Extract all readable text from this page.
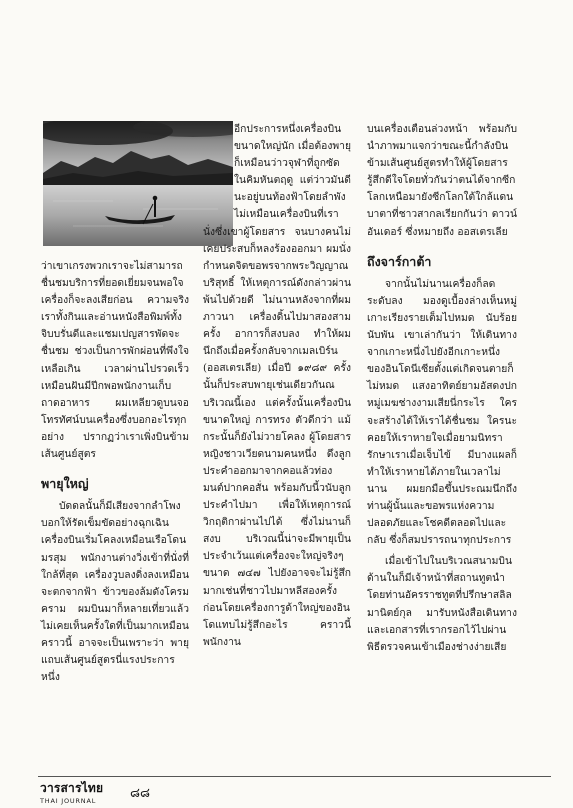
ว่าเขาเกรงพวกเราจะไม่สามารถชื่นชมบริการที่ยอดเยี่ยมจนพอใจเครื่องก็จะลงเสียก่อน ความจริงเราทั้งกินและอ่านหนังสือพิมพ์ทั้งจิบบรั่นดีและแชมเปญสารพัดจะชื่นชม ช่วงเป็นการพักผ่อนที่พึงใจเหลือเกิน เวลาผ่านไปรวดเร็วเหมือนฝันมีปีกพอพนักงานเก็บถาดอาหาร ผมเหลียวดูบนจอโทรทัศน์บนเครื่องซึ่งบอกอะไรทุกอย่าง ปรากฏว่าเราเพิ่งบินข้ามเส้นศูนย์สูตร

พายุใหญ่

บัดดลนั้นก็มีเสียงจากลำโพงบอกให้รัดเข็มขัดอย่างฉุกเฉินเครื่องบินเริ่มโคลงเหมือนเรือโดนมรสุม พนักงานต่างวิ่งเข้าที่นั่งที่ใกล้ที่สุด เครื่องวูบลงดิ่งลงเหมือนจะตกจากฟ้า ข้าวของล้มดังโครมคราม ผมบินมาก็หลายเที่ยวแล้วไม่เคยเห็นครั้งใดที่เป็นมากเหมือนคราวนี้ อาจจะเป็นเพราะว่า พายุแถบเส้นศูนย์สูตรนี่แรงประการหนึ่ง

อีกประการหนึ่งเครื่องบินขนาดใหญ่นัก เมื่อต้องพายุก็เหมือนว่าวจุฬาที่ถูกซัดในคิมหันตฤดู แต่ว่าวมันดีนะอยู่บนท้องฟ้าโดยลำพัง ไม่เหมือนเครื่องบินที่เรา

นั่งซึ่งเขาผู้โดยสาร จนบางคนไม่เคยประสบก็หลงร้องออกมา ผมนั่งกำหนดจิตขอพรจากพระวิญญาณบริสุทธิ์ ให้เหตุการณ์ดังกล่าวผ่านพ้นไปด้วยดี ไม่นานหลังจากที่ผมภาวนา เครื่องดิ้นไปมาสองสามครั้ง อาการก็สงบลง ทำให้ผมนึกถึงเมื่อครั้งกลับจากเมลเบิร์น (ออสเตรเลีย) เมื่อปี ๑๙๘๙ ครั้งนั้นก็ประสบพายุเช่นเดียวกันณ บริเวณนี้เอง แต่ครั้งนั้นเครื่องบินขนาดใหญ่ การทรง ตัวดีกว่า แม้กระนั้นก็ยังไม่วายโคลง ผู้โดยสารหญิงชาวเวียดนามคนหนึ่ง ดึงลูกประคำออกมาจากคอแล้วท่องมนต์ปากคอสั่น พร้อมกับนี้วนับลูกประคำไปมา เพื่อให้เหตุการณ์วิกฤติกาผ่านไปได้ ซึ่งไม่นานก็สงบ บริเวณนี้น่าจะมีพายุเป็นประจำเว้นแต่เครื่องจะใหญ่จริงๆ ขนาด ๗๔๗ ไปยังอาจจะไม่รู้สึกมากเช่นที่ชาวไปมาหลีสองครั้งก่อนโดยเครื่องการูด้าใหญ่ของอินโดแทบไม่รู้สึกอะไร คราวนี้พนักงาน

บนเครื่องเตือนล่วงหน้า พร้อมกับนำภาพมาแจกว่าขณะนี้กำลังบินข้ามเส้นศูนย์สูตรทำให้ผู้โดยสารรู้สึกดีใจโดยทั่วกันว่าตนได้จากซีกโลกเหนือมายังซีกโลกใต้ใกล้แดนบาตาที่ชาวสากลเรียกกันว่า ดาวน์อันเดอร์ ซึ่งหมายถึง ออสเตรเลีย

ถึงจาร์กาต้า

จากนั้นไม่นานเครื่องก็ลดระดับลง มองดูเบื้องล่างเห็นหมู่เกาะเรียงรายเต็มไปหมด นับร้อยนับพัน เขาเล่ากันว่า ให้เดินทางจากเกาะหนึ่งไปยังอีกเกาะหนึ่งของอินโดนีเซียตั้งแต่เกิดจนตายก็ไม่หมด แสงอาทิตย์ยามอัสดงปกหมู่เมฆช่างงามเสียนี่กระไร ใครจะสร้างได้ให้เราได้ชื่นชม ใครนะคอยให้เราหายใจเมื่อยามนิทรา รักษาเราเมื่อเจ็บไข้ มีบางแผลก็ทำให้เราหายได้ภายในเวลาไม่นาน ผมยกมือขึ้นประณมนึกถึงท่านผู้นั้นและขอพรแห่งความปลอดภัยและโชคดีตลอดไปและกลับ ซึ่งก็สมปรารถนาทุกประการ

เมื่อเข้าไปในบริเวณสนามบินด้านในก็มีเจ้าหน้าที่สถานทูตนำโดยท่านอัครราชทูตที่ปรึกษาสลิลมานิตย์กุล มารับหนังสือเดินทางและเอกสารที่เรากรอกไว้ไปผ่านพิธีตรวจคนเข้าเมืองช่างง่ายเสีย

วารสารไทย
THAI JOURNAL	๘๘
